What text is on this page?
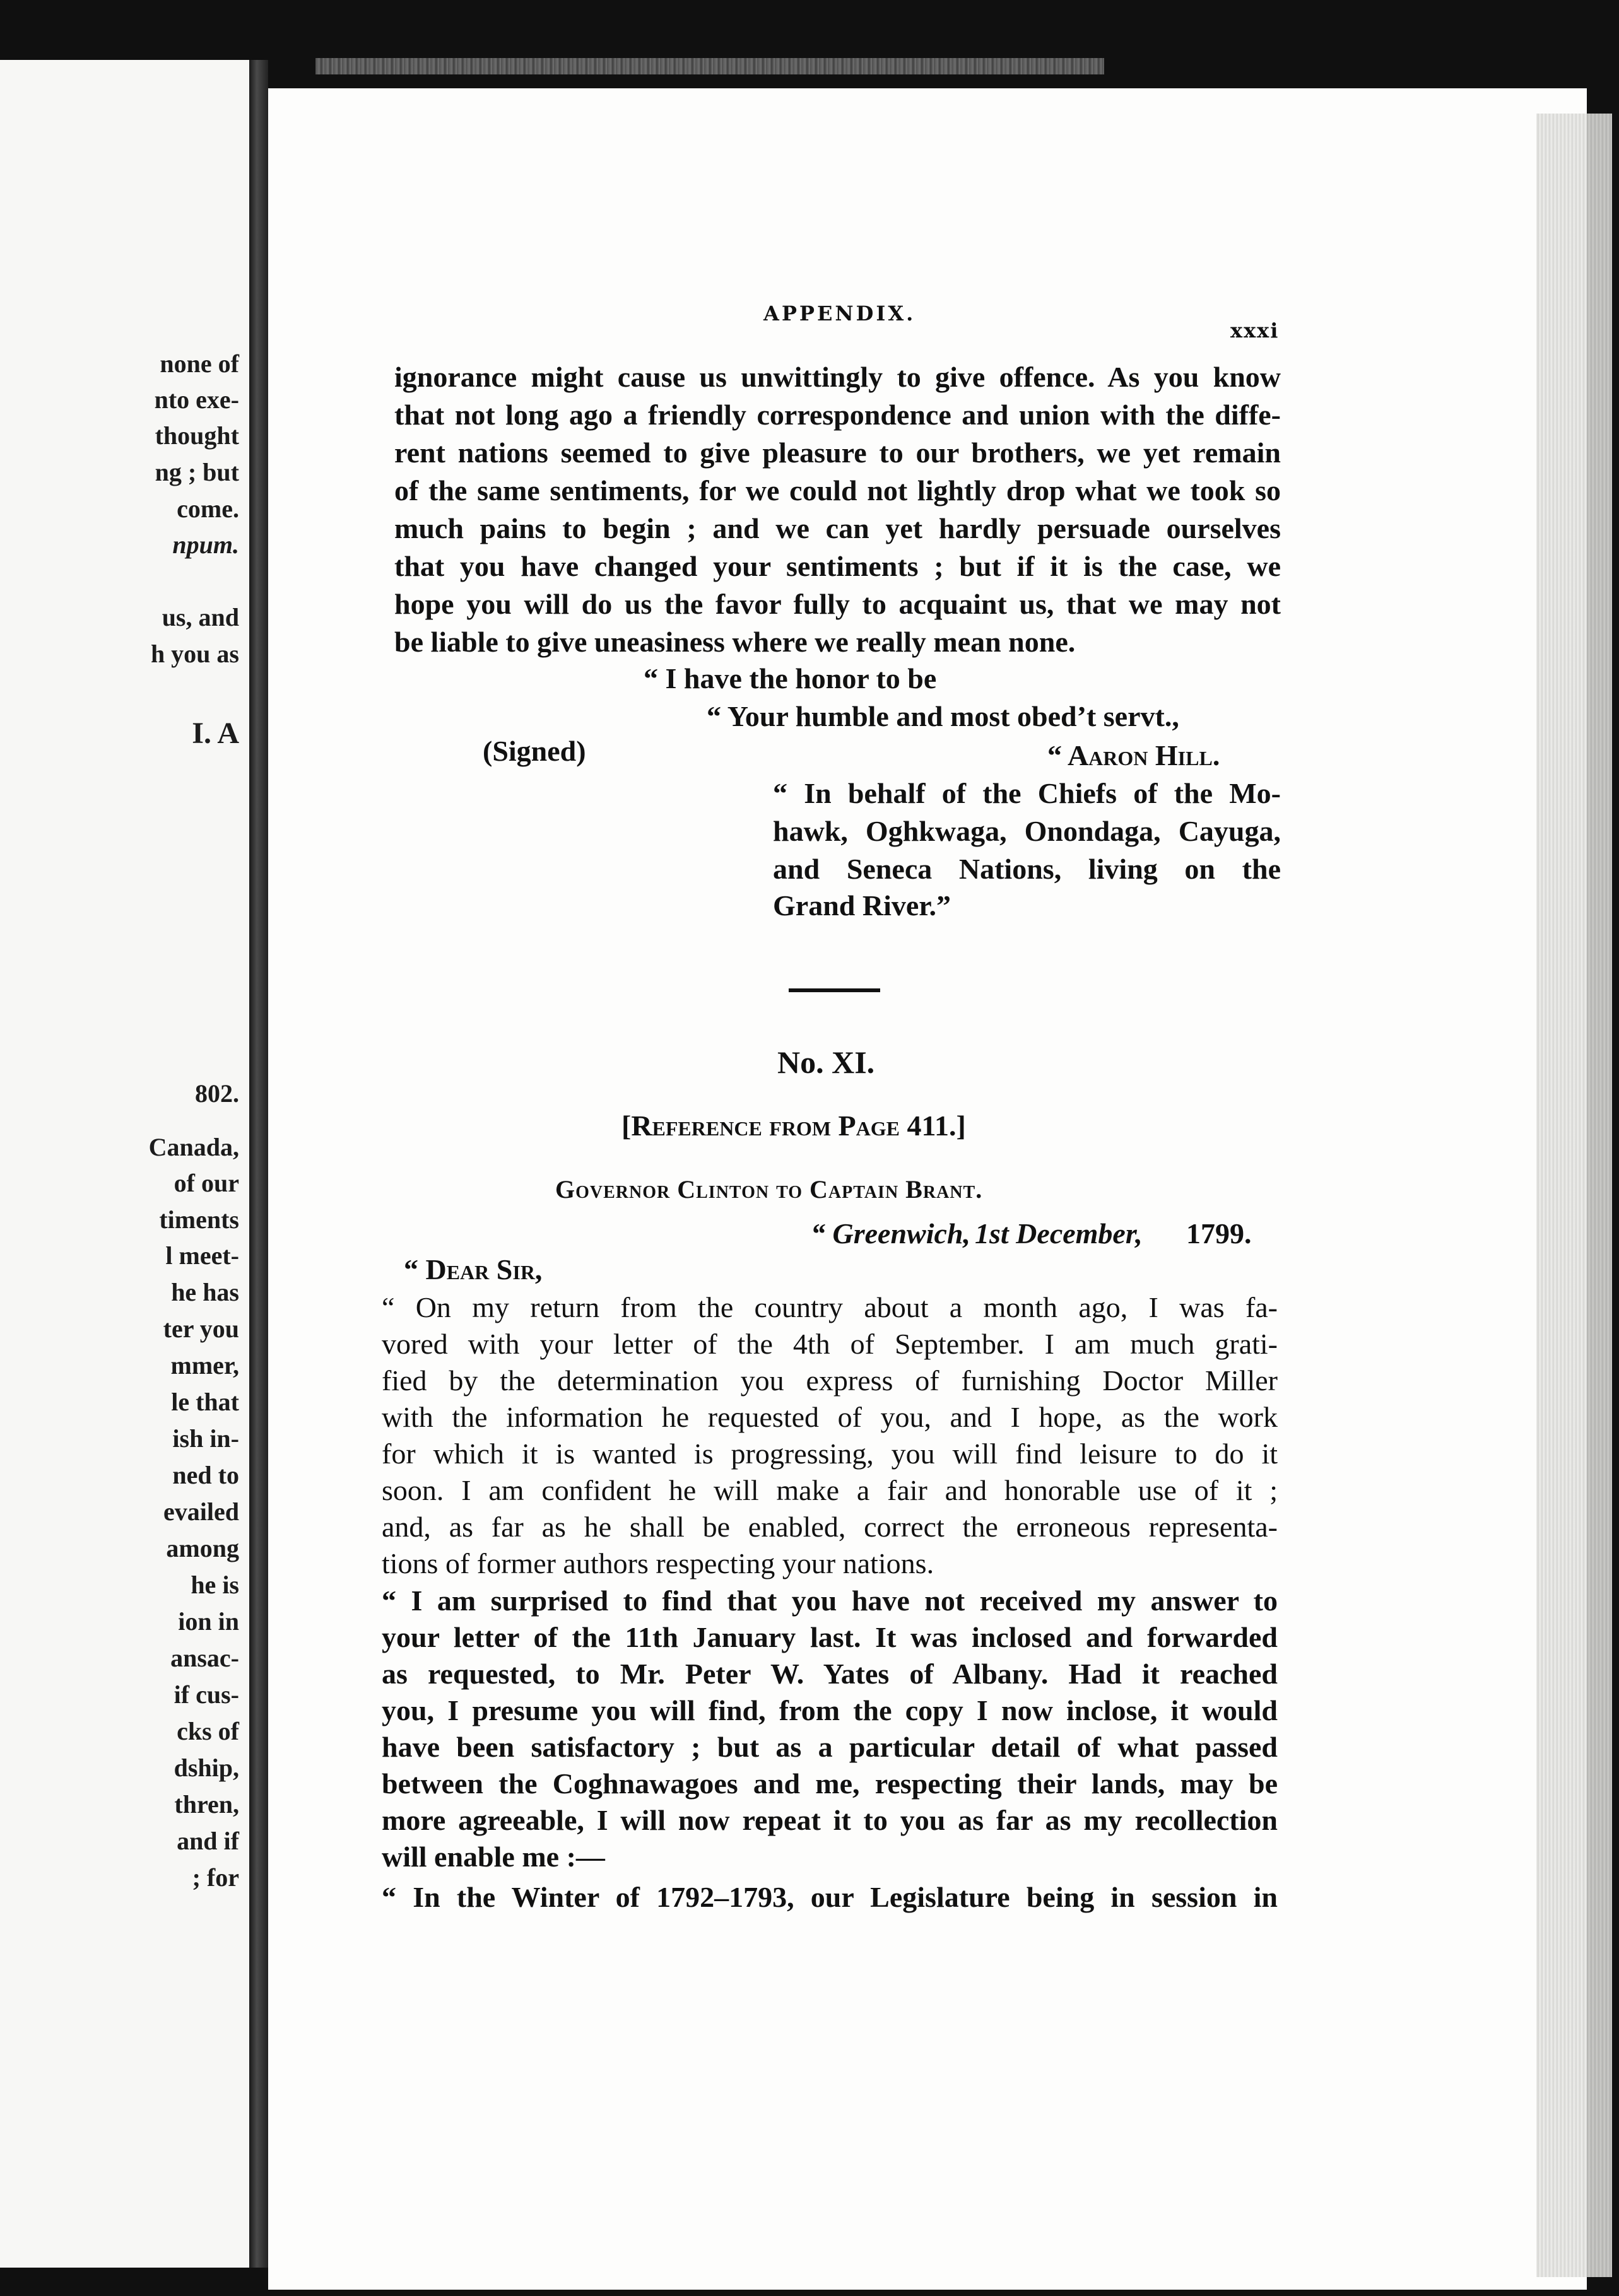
none of
nto exe-
thought
ng ; but
come.
npum.
us, and
h you as
I. A
802.
Canada,
of our
timents
l meet-
he has
ter you
mmer,
le that
ish in-
ned to
evailed
among
he is
ion in
ansac-
if cus-
cks of
dship,
thren,
and if
; for
APPENDIX.
xxxi
ignorance might cause us unwittingly to give offence. As you know
that not long ago a friendly correspondence and union with the diffe-
rent nations seemed to give pleasure to our brothers, we yet remain
of the same sentiments, for we could not lightly drop what we took so
much pains to begin ; and we can yet hardly persuade ourselves
that you have changed your sentiments ; but if it is the case, we
hope you will do us the favor fully to acquaint us, that we may not
be liable to give uneasiness where we really mean none.
“ I have the honor to be
“ Your humble and most obed’t servt.,
(Signed)	“ Aaron Hill.
“ In behalf of the Chiefs of the Mo-
hawk, Oghkwaga, Onondaga, Cayuga,
and Seneca Nations, living on the
Grand River.”
No. XI.
[Reference from Page 411.]
Governor Clinton to Captain Brant.
“ Greenwich, 1st December, 1799.
“ Dear Sir,
“ On my return from the country about a month ago, I was fa-
vored with your letter of the 4th of September. I am much grati-
fied by the determination you express of furnishing Doctor Miller
with the information he requested of you, and I hope, as the work
for which it is wanted is progressing, you will find leisure to do it
soon. I am confident he will make a fair and honorable use of it ;
and, as far as he shall be enabled, correct the erroneous representa-
tions of former authors respecting your nations.
“ I am surprised to find that you have not received my answer to
your letter of the 11th January last. It was inclosed and forwarded
as requested, to Mr. Peter W. Yates of Albany. Had it reached
you, I presume you will find, from the copy I now inclose, it would
have been satisfactory ; but as a particular detail of what passed
between the Coghnawagoes and me, respecting their lands, may be
more agreeable, I will now repeat it to you as far as my recollection
will enable me :—
“ In the Winter of 1792–1793, our Legislature being in session in
